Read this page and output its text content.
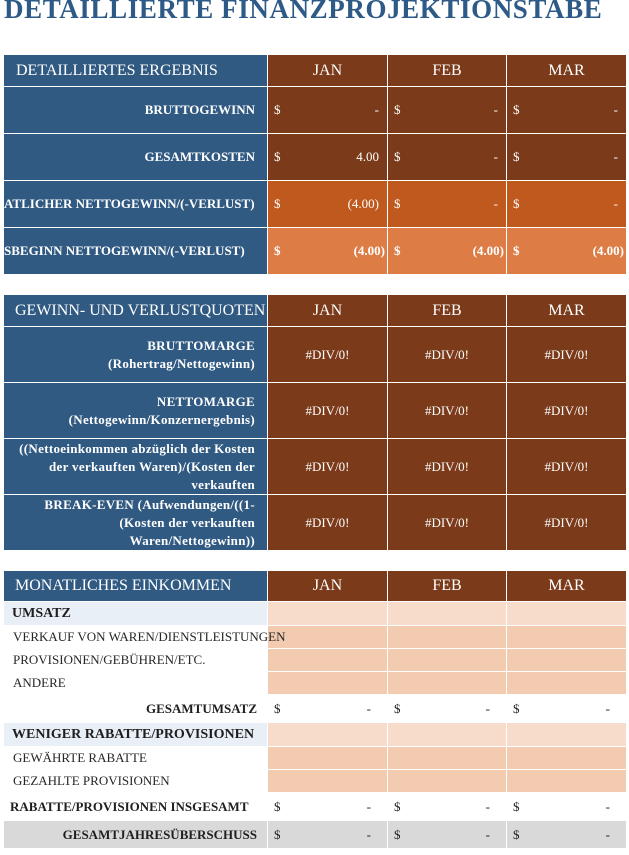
DETAILLIERTE FINANZPROJEKTIONSTABE
DETAILLIERTES ERGEBNIS	JAN	FEB	MAR
BRUTTOGEWINN	$ -	$ -	$ -

GESAMTKOSTEN	$ 4.00	$ -	$ -

ATLICHER NETTOGEWINN/(-VERLUST)	$ (4.00)	$ -	$ -

SBEGINN NETTOGEWINN/(-VERLUST)	$ (4.00)	$ (4.00)	$ (4.00)
GEWINN- UND VERLUSTQUOTEN	JAN	FEB	MAR
BRUTTOMARGE (Rohertrag/Nettogewinn)	#DIV/0!	#DIV/0!	#DIV/0!
NETTOMARGE (Nettogewinn/Konzernergebnis)	#DIV/0!	#DIV/0!	#DIV/0!
((Nettoeinkommen abzüglich der Kosten der verkauften Waren)/(Kosten der verkauften	#DIV/0!	#DIV/0!	#DIV/0!
BREAK-EVEN (Aufwendungen/((1-(Kosten der verkauften Waren/Nettogewinn))	#DIV/0!	#DIV/0!	#DIV/0!
MONATLICHES EINKOMMEN	JAN	FEB	MAR
UMSATZ			
VERKAUF VON WAREN/DIENSTLEISTUNGEN			
PROVISIONEN/GEBÜHREN/ETC.			
ANDERE			
GESAMTUMSATZ	$ -	$ -	$ -

WENIGER RABATTE/PROVISIONEN			
GEWÄHRTE RABATTE			
GEZAHLTE PROVISIONEN			
RABATTE/PROVISIONEN INSGESAMT	$ -	$ -	$ -

GESAMTJAHRESÜBERSCHUSS	$ -	$ -	$ -
